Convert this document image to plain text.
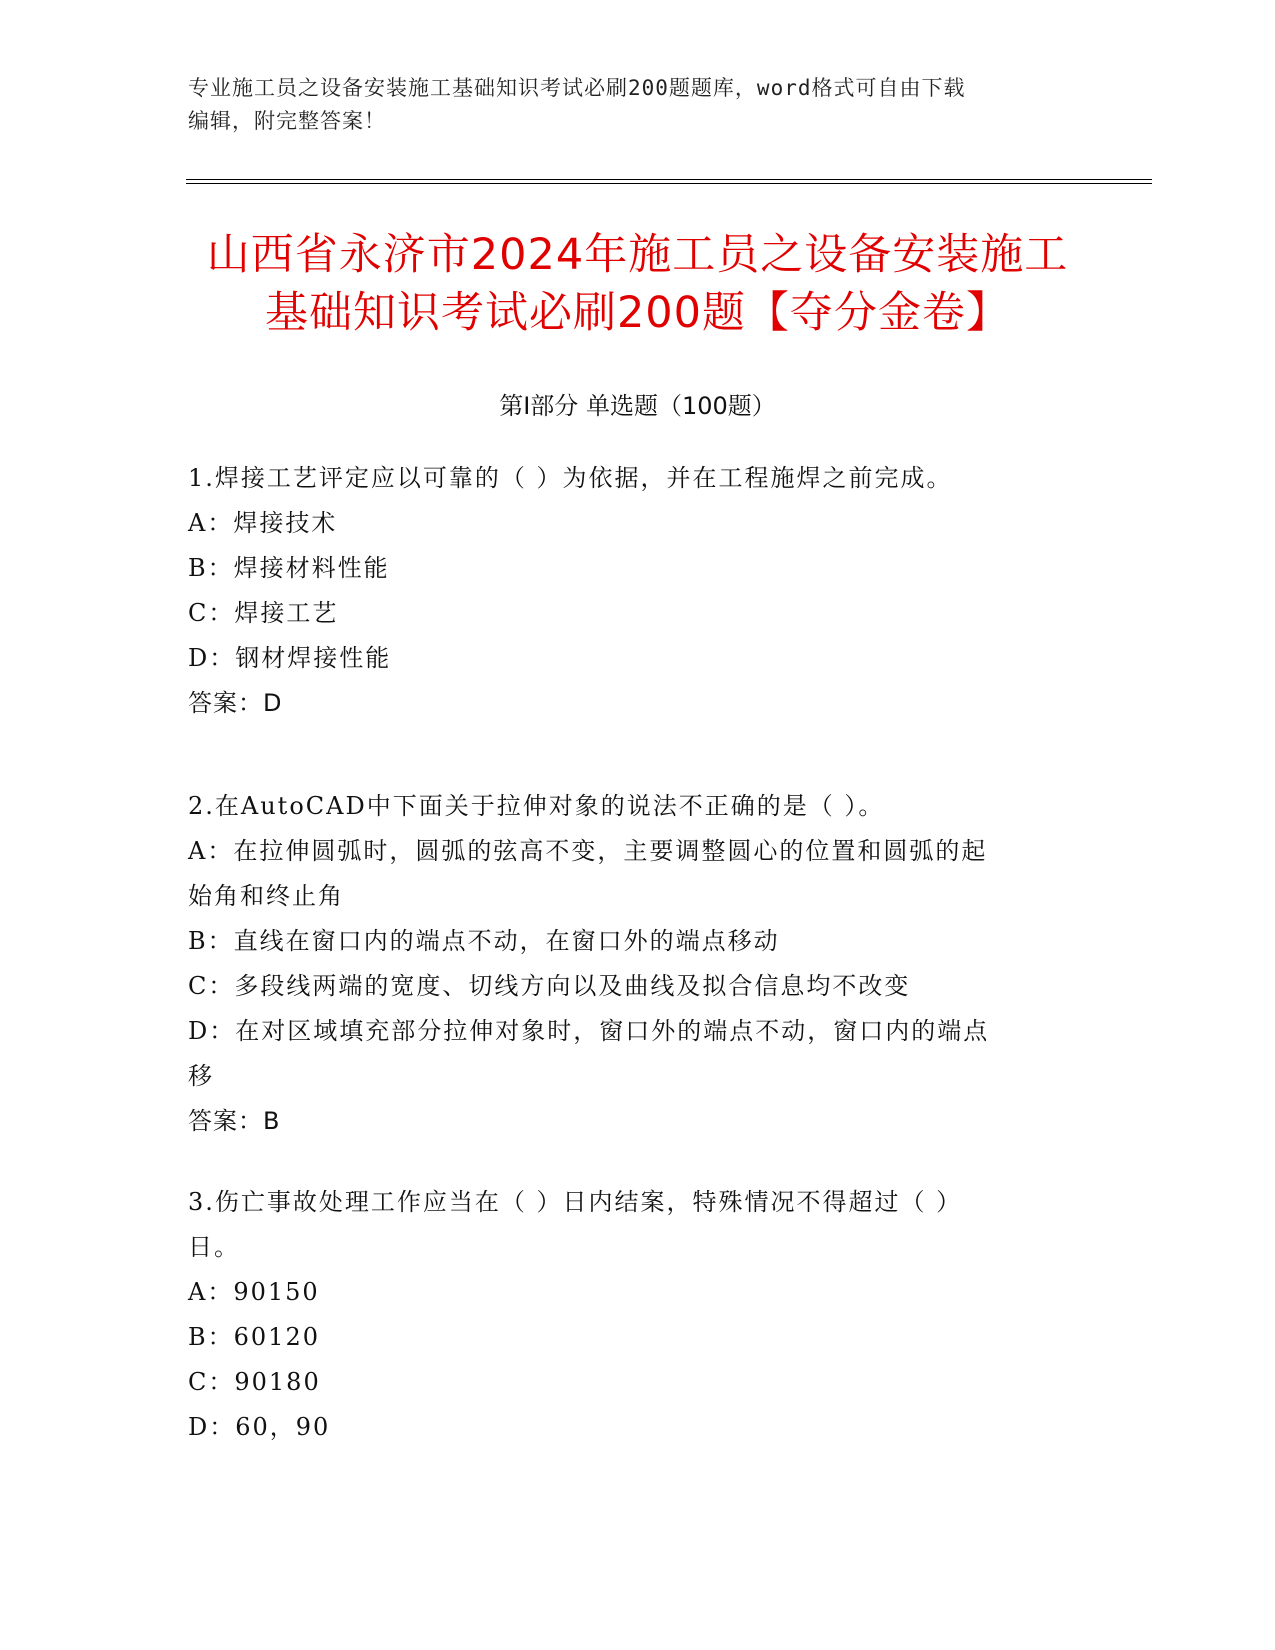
专业施工员之设备安装施工基础知识考试必刷200题题库，word格式可自由下载
编辑，附完整答案！
山西省永济市2024年施工员之设备安装施工
基础知识考试必刷200题【夺分金卷】
第I部分 单选题（100题）
1.焊接工艺评定应以可靠的（ ）为依据，并在工程施焊之前完成。
A：焊接技术
B：焊接材料性能
C：焊接工艺
D：钢材焊接性能
答案：D
2.在AutoCAD中下面关于拉伸对象的说法不正确的是（ ）。
A：在拉伸圆弧时，圆弧的弦高不变，主要调整圆心的位置和圆弧的起
始角和终止角
B：直线在窗口内的端点不动，在窗口外的端点移动
C：多段线两端的宽度、切线方向以及曲线及拟合信息均不改变
D：在对区域填充部分拉伸对象时，窗口外的端点不动，窗口内的端点
移
答案：B
3.伤亡事故处理工作应当在（ ）日内结案，特殊情况不得超过（ ）
日。
A：90150
B：60120
C：90180
D：60，90
